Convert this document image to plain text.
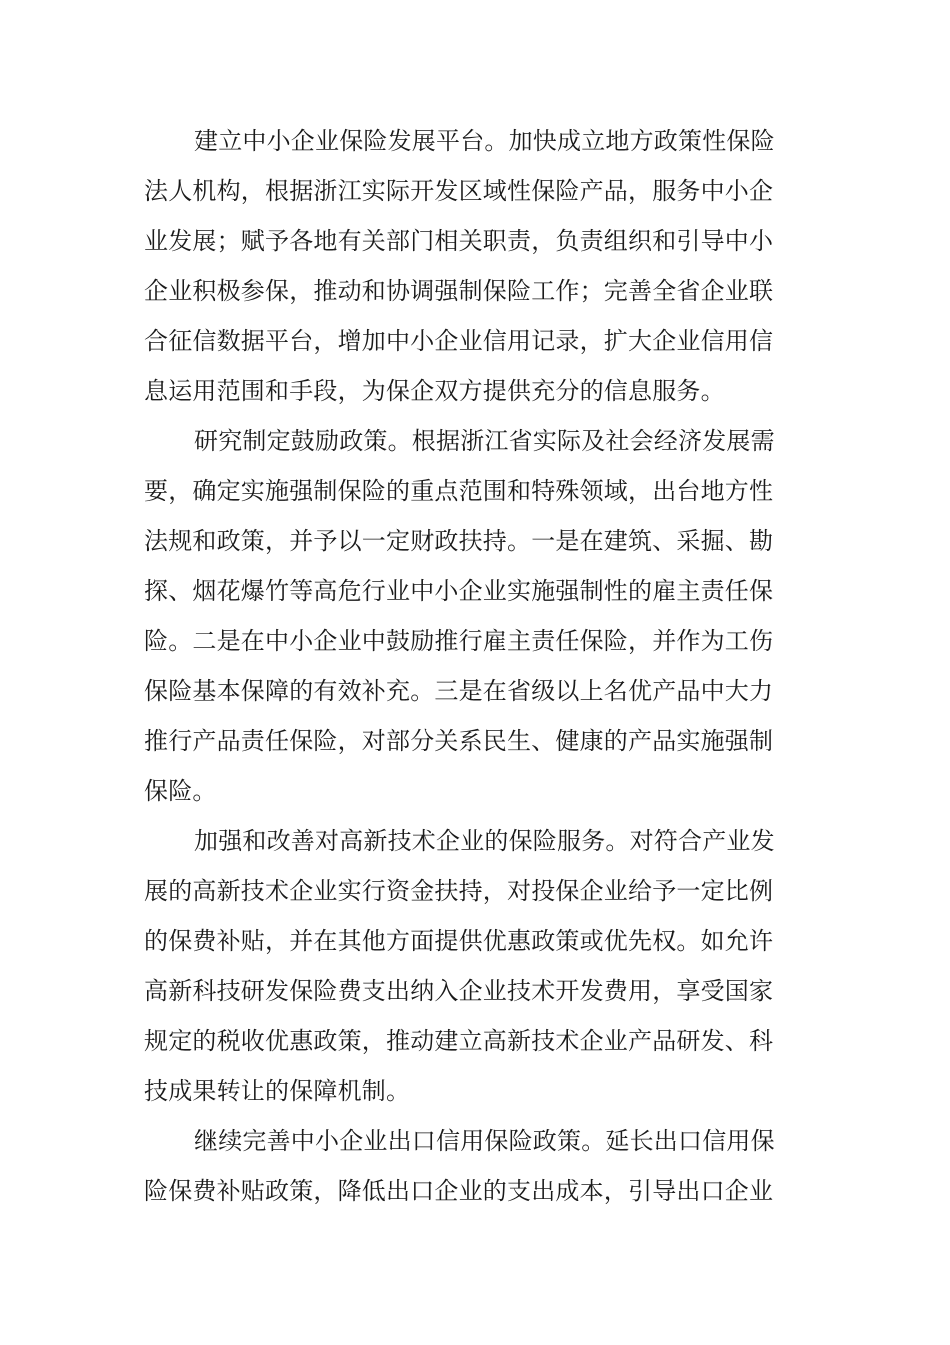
建立中小企业保险发展平台。加快成立地方政策性保险
法人机构，根据浙江实际开发区域性保险产品，服务中小企
业发展；赋予各地有关部门相关职责，负责组织和引导中小
企业积极参保，推动和协调强制保险工作；完善全省企业联
合征信数据平台，增加中小企业信用记录，扩大企业信用信
息运用范围和手段，为保企双方提供充分的信息服务。
研究制定鼓励政策。根据浙江省实际及社会经济发展需
要，确定实施强制保险的重点范围和特殊领域，出台地方性
法规和政策，并予以一定财政扶持。一是在建筑、采掘、勘
探、烟花爆竹等高危行业中小企业实施强制性的雇主责任保
险。二是在中小企业中鼓励推行雇主责任保险，并作为工伤
保险基本保障的有效补充。三是在省级以上名优产品中大力
推行产品责任保险，对部分关系民生、健康的产品实施强制
保险。
加强和改善对高新技术企业的保险服务。对符合产业发
展的高新技术企业实行资金扶持，对投保企业给予一定比例
的保费补贴，并在其他方面提供优惠政策或优先权。如允许
高新科技研发保险费支出纳入企业技术开发费用，享受国家
规定的税收优惠政策，推动建立高新技术企业产品研发、科
技成果转让的保障机制。
继续完善中小企业出口信用保险政策。延长出口信用保
险保费补贴政策，降低出口企业的支出成本，引导出口企业
